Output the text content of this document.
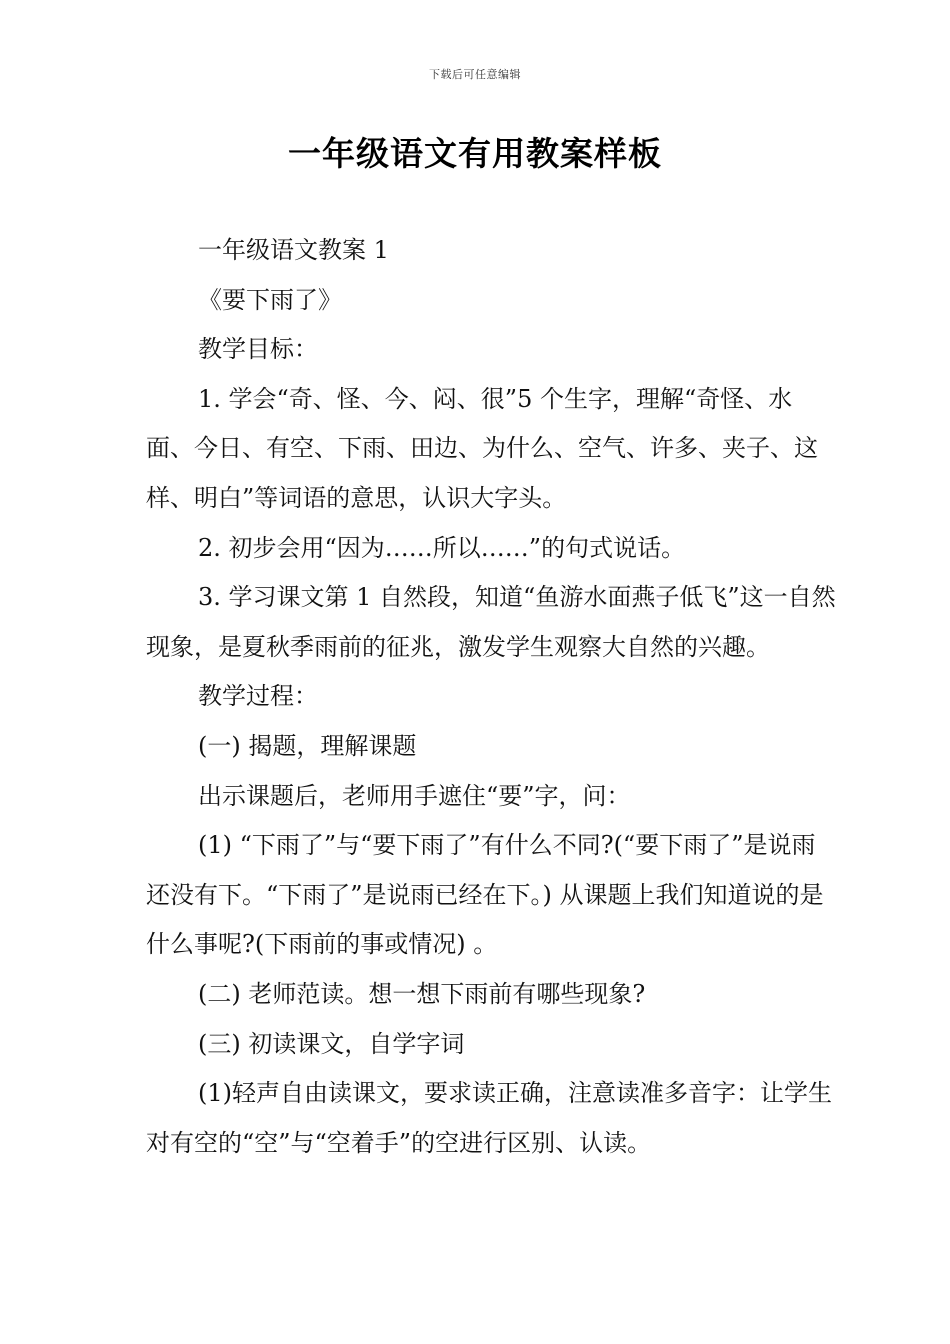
下载后可任意编辑
一年级语文有用教案样板

一年级语文教案 1

《要下雨了》

教学目标：

1. 学会“奇、怪、今、闷、很”5 个生字，理解“奇怪、水面、今日、有空、下雨、田边、为什么、空气、许多、夹子、这样、明白”等词语的意思，认识大字头。

2. 初步会用“因为……所以……”的句式说话。

3. 学习课文第 1 自然段，知道“鱼游水面燕子低飞”这一自然现象，是夏秋季雨前的征兆，激发学生观察大自然的兴趣。

教学过程：

(一) 揭题，理解课题

出示课题后，老师用手遮住“要”字，问：

(1) “下雨了”与“要下雨了”有什么不同?(“要下雨了”是说雨还没有下。“下雨了”是说雨已经在下。) 从课题上我们知道说的是什么事呢?(下雨前的事或情况) 。

(二) 老师范读。想一想下雨前有哪些现象?

(三) 初读课文，自学字词

(1)轻声自由读课文，要求读正确，注意读准多音字：让学生对有空的“空”与“空着手”的空进行区别、认读。
